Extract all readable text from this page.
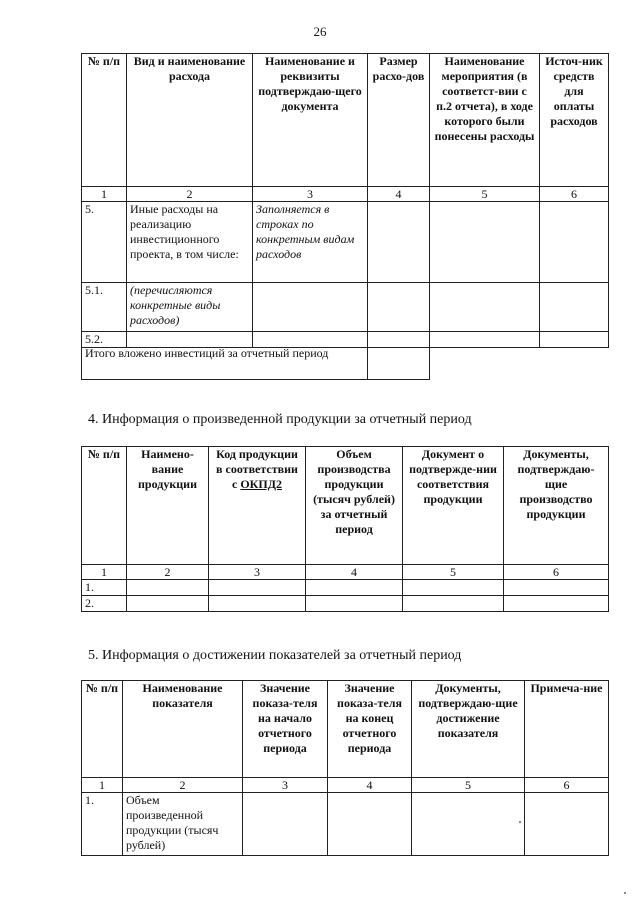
26
№ п/п	Вид и наименование расхода	Наименование и реквизиты подтверждаю-щего документа	Размер расхо-дов	Наименование мероприятия (в соответст-вии с п.2 отчета), в ходе которого были понесены расходы	Источ-ник средств для оплаты расходов
1	2	3	4	5	6
5.	Иные расходы на реализацию инвестиционного проекта, в том числе:	Заполняется в строках по конкретным видам расходов			
5.1.	(перечисляются конкретные виды расходов)				
5.2.					
Итого вложено инвестиций за отчетный период	
4. Информация о произведенной продукции за отчетный период
№ п/п	Наимено-вание продукции	Код продукции в соответствии с ОКПД2	Объем производства продукции (тысяч рублей) за отчетный период	Документ о подтвержде-нии соответствия продукции	Документы, подтверждаю-щие производство продукции
1	2	3	4	5	6
1.					
2.					
5. Информация о достижении показателей за отчетный период
№ п/п	Наименование показателя	Значение показа-теля на начало отчетного периода	Значение показа-теля на конец отчетного периода	Документы, подтверждаю-щие достижение показателя	Примеча-ние
1	2	3	4	5	6
1.	Объем произведенной продукции (тысяч рублей)				
